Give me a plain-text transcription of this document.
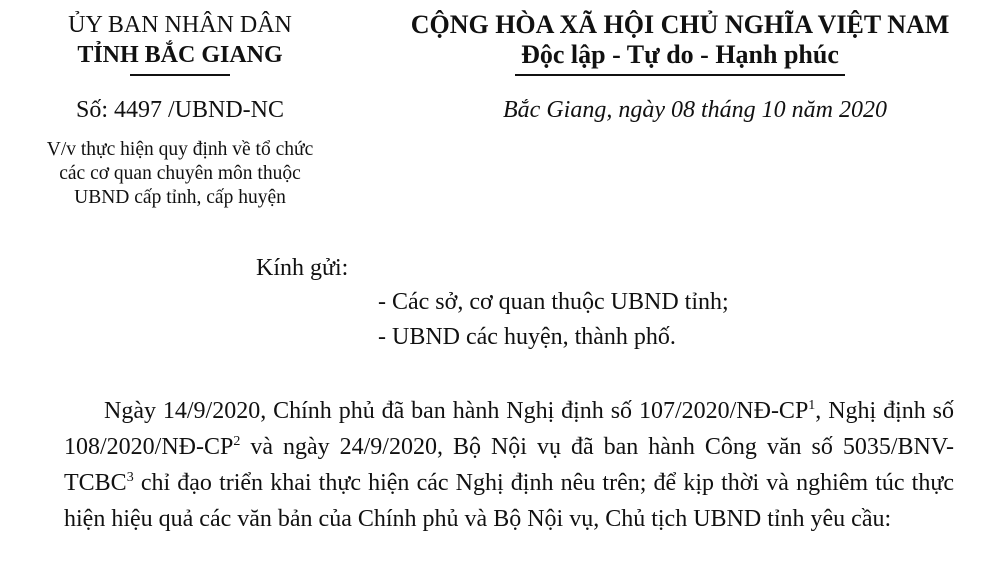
ỦY BAN NHÂN DÂN
TỈNH BẮC GIANG
CỘNG HÒA XÃ HỘI CHỦ NGHĨA VIỆT NAM
Độc lập - Tự do - Hạnh phúc
Số: 4497 /UBND-NC	Bắc Giang, ngày 08 tháng 10 năm 2020
V/v thực hiện quy định về tổ chức
các cơ quan chuyên môn thuộc
UBND cấp tỉnh, cấp huyện
Kính gửi:
- Các sở, cơ quan thuộc UBND tỉnh;
- UBND các huyện, thành phố.
Ngày 14/9/2020, Chính phủ đã ban hành Nghị định số $107/2020/NĐ-CP^1$, Nghị định số $108/2020/NĐ-CP^2$ và ngày 24/9/2020, Bộ Nội vụ đã ban hành Công văn số 5035/BNV-TCBC$^3$ chỉ đạo triển khai thực hiện các Nghị định nêu trên; để kịp thời và nghiêm túc thực hiện hiệu quả các văn bản của Chính phủ và Bộ Nội vụ, Chủ tịch UBND tỉnh yêu cầu:
